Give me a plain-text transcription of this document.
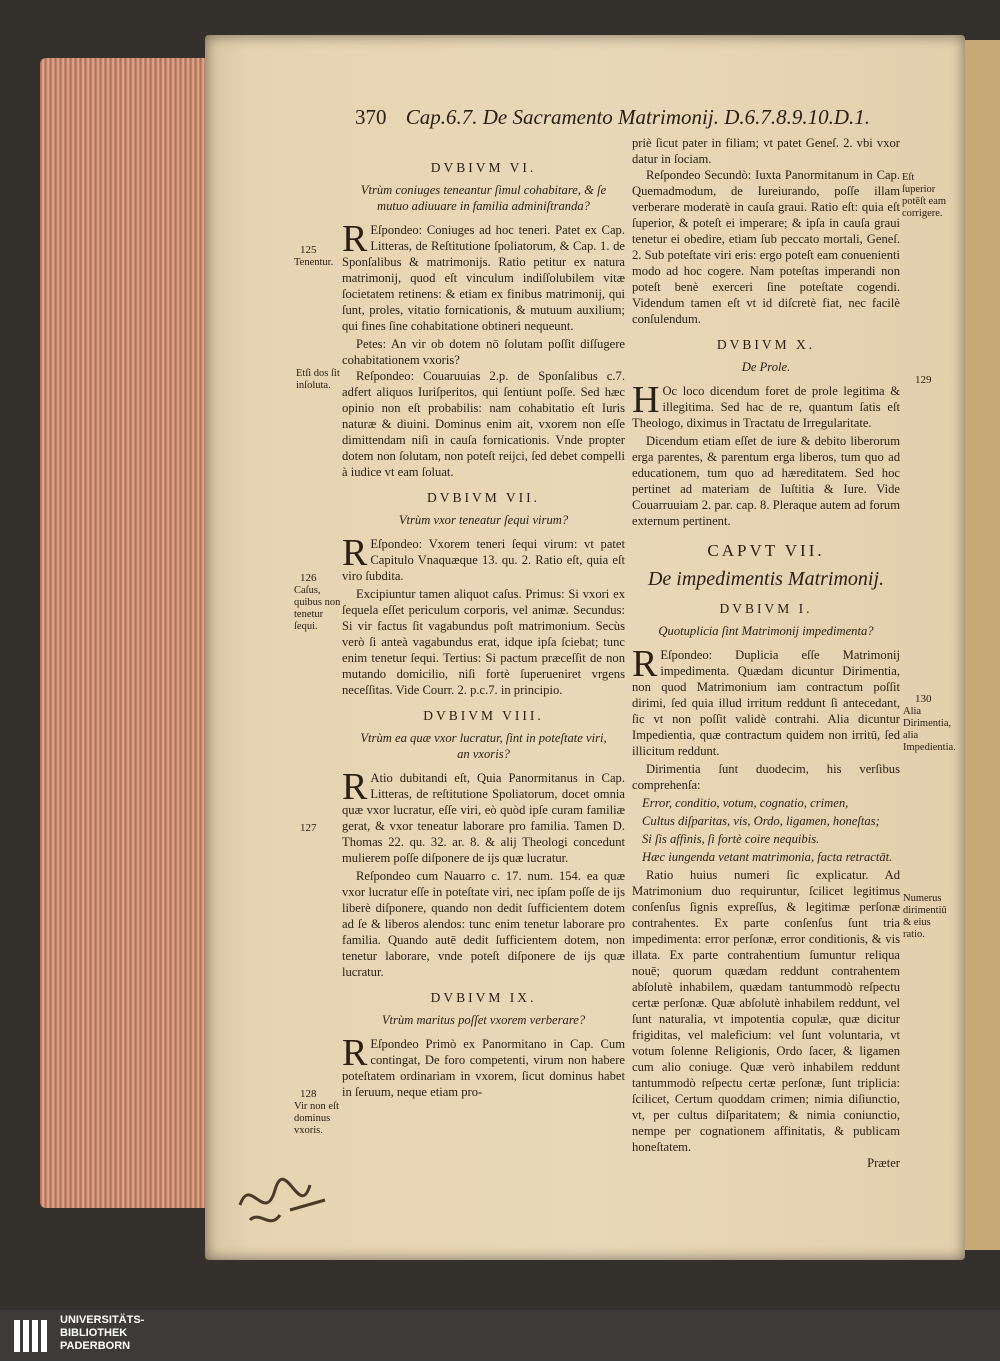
370 Cap.6.7. De Sacramento Matrimonij. D.6.7.8.9.10.D.1.
125
Tenentur.
Etſi dos ſit inſoluta.
126
Caſus, quibus non tenetur ſequi.
127
128
Vir non eſt dominus vxoris.
Eſt ſuperior potēſt eam corrigere.
129
130
Alia Dirimentia, alia Impedientia.
Numerus dirimentiū & eius ratio.
DVBIVM VI.
Vtrùm coniuges teneantur ſimul cohabitare, & ſe mutuo adiuuare in familia adminiſtranda?
R Eſpondeo: Coniuges ad hoc teneri. Patet ex Cap. Litteras, de Reſtitutione ſpoliatorum, & Cap. 1. de Sponſalibus & matrimonijs. Ratio petitur ex natura matrimonij, quod eſt vinculum indiſſolubilem vitæ ſocietatem retinens: & etiam ex finibus matrimonij, qui ſunt, proles, vitatio fornicationis, & mutuum auxilium; qui fines ſine cohabitatione obtineri nequeunt.

Petes: An vir ob dotem nō ſolutam poſſit diſſugere cohabitationem vxoris?

Reſpondeo: Couaruuias 2.p. de Sponſalibus c.7. adfert aliquos Iuriſperitos, qui ſentiunt poſſe. Sed hæc opinio non eſt probabilis: nam cohabitatio eſt Iuris naturæ & diuini. Dominus enim ait, vxorem non eſſe dimittendam niſi in cauſa fornicationis. Vnde propter dotem non ſolutam, non poteſt reijci, ſed debet compelli à iudice vt eam ſoluat.

DVBIVM VII.
Vtrùm vxor teneatur ſequi virum?
R Eſpondeo: Vxorem teneri ſequi virum: vt patet Capitulo Vnaquæque 13. qu. 2. Ratio eſt, quia eſt viro ſubdita.

Excipiuntur tamen aliquot caſus. Primus: Si vxori ex ſequela eſſet periculum corporis, vel animæ. Secundus: Si vir factus ſit vagabundus poſt matrimonium. Secùs verò ſi anteà vagabundus erat, idque ipſa ſciebat; tunc enim tenetur ſequi. Tertius: Si pactum præceſſit de non mutando domicilio, niſi fortè ſuperueniret vrgens neceſſitas. Vide Courr. 2. p.c.7. in principio.

DVBIVM VIII.
Vtrùm ea quæ vxor lucratur, ſint in poteſtate viri, an vxoris?
R Atio dubitandi eſt, Quia Panormitanus in Cap. Litteras, de reſtitutione Spoliatorum, docet omnia quæ vxor lucratur, eſſe viri, eò quòd ipſe curam familiæ gerat, & vxor teneatur laborare pro familia. Tamen D. Thomas 22. qu. 32. ar. 8. & alij Theologi concedunt mulierem poſſe diſponere de ijs quæ lucratur.

Reſpondeo cum Nauarro c. 17. num. 154. ea quæ vxor lucratur eſſe in poteſtate viri, nec ipſam poſſe de ijs liberè diſponere, quando non dedit ſufficientem dotem ad ſe & liberos alendos: tunc enim tenetur laborare pro familia. Quando autē dedit ſufficientem dotem, non tenetur laborare, vnde poteſt diſponere de ijs quæ lucratur.

DVBIVM IX.
Vtrùm maritus poſſet vxorem verberare?
R Eſpondeo Primò ex Panormitano in Cap. Cum contingat, De foro competenti, virum non habere poteſtatem ordinariam in vxorem, ſicut dominus habet in ſeruum, neque etiam pro-

priè ſicut pater in filiam; vt patet Geneſ. 2. vbi vxor datur in ſociam.

Reſpondeo Secundò: Iuxta Panormitanum in Cap. Quemadmodum, de Iureiurando, poſſe illam verberare moderatè in cauſa graui. Ratio eſt: quia eſt ſuperior, & poteſt ei imperare; & ipſa in cauſa graui tenetur ei obedire, etiam ſub peccato mortali, Geneſ. 2. Sub poteſtate viri eris: ergo poteſt eam conuenienti modo ad hoc cogere. Nam poteſtas imperandi non poteſt benè exerceri ſine poteſtate cogendi. Videndum tamen eſt vt id diſcretè fiat, nec facilè conſulendum.

DVBIVM X.
De Prole.
H Oc loco dicendum foret de prole legitima & illegitima. Sed hac de re, quantum ſatis eſt Theologo, diximus in Tractatu de Irregularitate.

Dicendum etiam eſſet de iure & debito liberorum erga parentes, & parentum erga liberos, tum quo ad educationem, tum quo ad hæreditatem. Sed hoc pertinet ad materiam de Iuſtitia & Iure. Vide Couarruuiam 2. par. cap. 8. Pleraque autem ad forum externum pertinent.

CAPVT VII.
De impedimentis Matrimonij.
DVBIVM I.
Quotuplicia ſint Matrimonij impedimenta?
R Eſpondeo: Duplicia eſſe Matrimonij impedimenta. Quædam dicuntur Dirimentia, non quod Matrimonium iam contractum poſſit dirimi, ſed quia illud irritum reddunt ſi antecedant, ſic vt non poſſit validè contrahi. Alia dicuntur Impedientia, quæ contractum quidem non irritū, ſed illicitum reddunt.

Dirimentia ſunt duodecim, his verſibus comprehenſa:

Error, conditio, votum, cognatio, crimen,
Cultus diſparitas, vis, Ordo, ligamen, honeſtas;
Si ſis affinis, ſi fortè coire nequibis.
Hæc iungenda vetant matrimonia, facta retractāt.

Ratio huius numeri ſic explicatur. Ad Matrimonium duo requiruntur, ſcilicet legitimus conſenſus ſignis expreſſus, & legitimæ perſonæ contrahentes. Ex parte conſenſus ſunt tria impedimenta: error perſonæ, error conditionis, & vis illata. Ex parte contrahentium ſumuntur reliqua nouē; quorum quædam reddunt contrahentem abſolutè inhabilem, quædam tantummodò reſpectu certæ perſonæ. Quæ abſolutè inhabilem reddunt, vel ſunt naturalia, vt impotentia copulæ, quæ dicitur frigiditas, vel maleficium: vel ſunt voluntaria, vt votum ſolenne Religionis, Ordo ſacer, & ligamen cum alio coniuge. Quæ verò inhabilem reddunt tantummodò reſpectu certæ perſonæ, ſunt triplicia: ſcilicet, Certum quoddam crimen; nimia diſiunctio, vt, per cultus diſparitatem; & nimia coniunctio, nempe per cognationem affinitatis, & publicam honeſtatem.

Præter
UNIVERSITÄTS-
BIBLIOTHEK
PADERBORN
